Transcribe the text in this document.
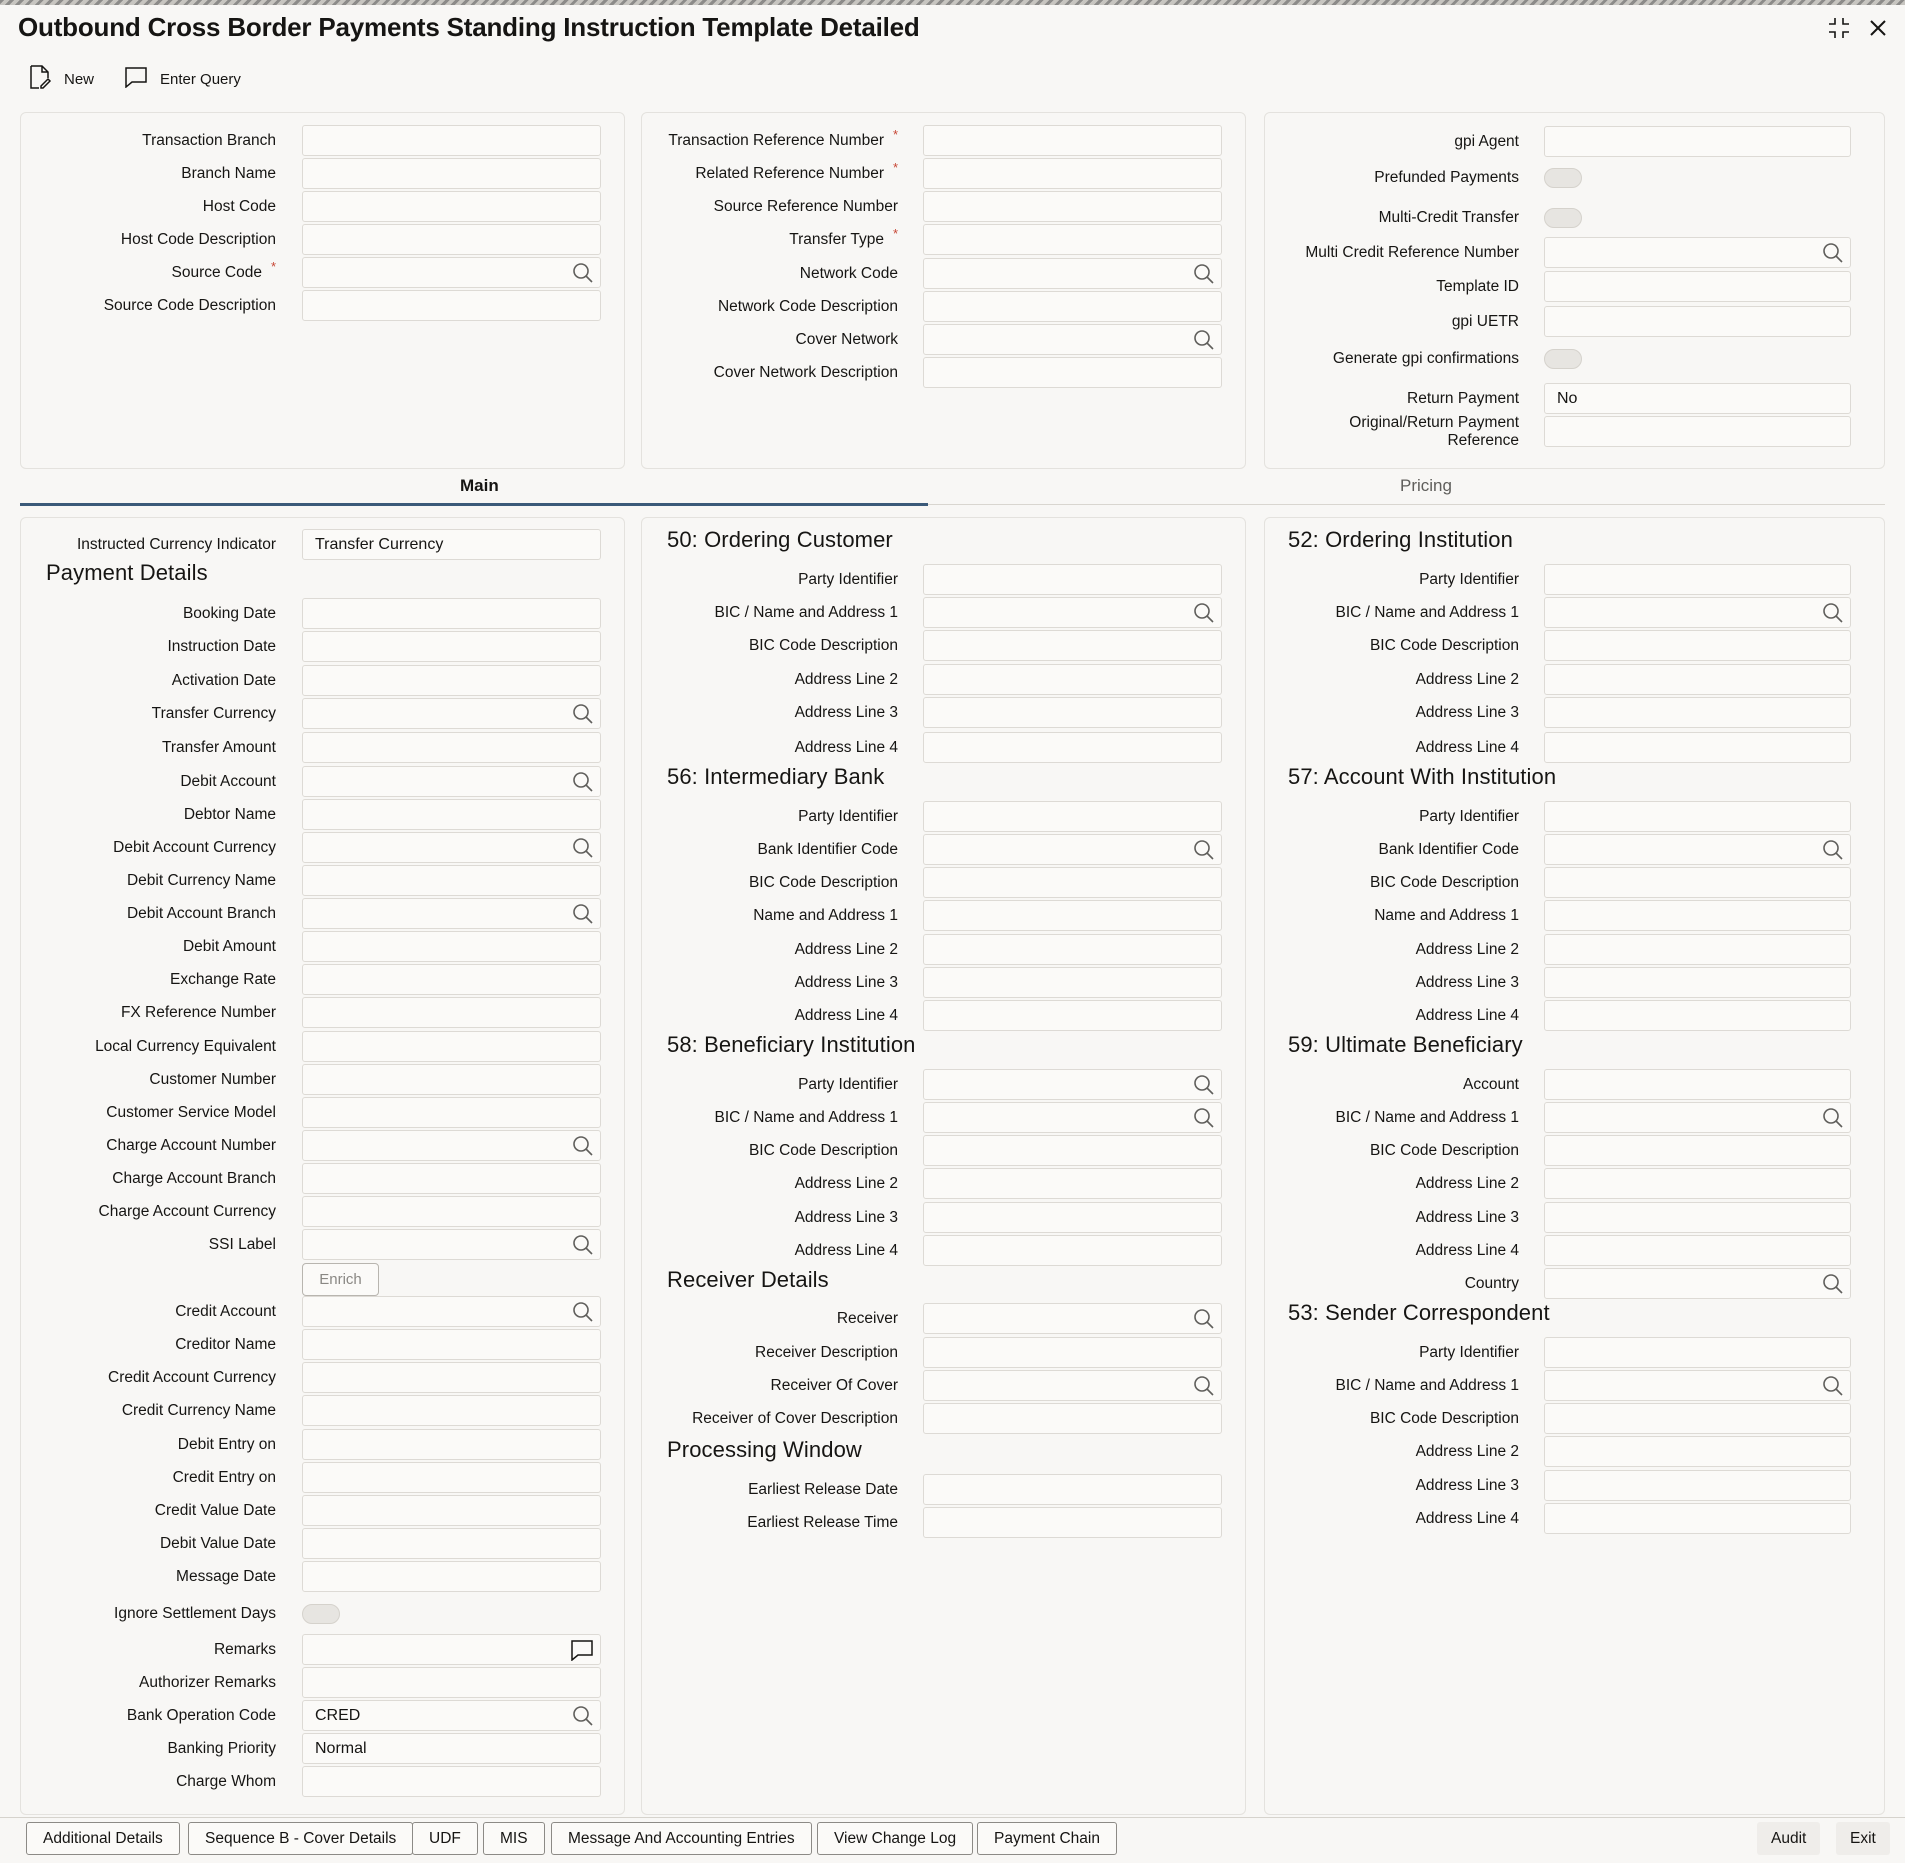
Outbound Cross Border Payments Standing Instruction Template Detailed
New	Enter Query
Main	Pricing
Payment Details
50: Ordering Customer
56: Intermediary Bank
58: Beneficiary Institution
Receiver Details
Processing Window
52: Ordering Institution
57: Account With Institution
59: Ultimate Beneficiary
53: Sender Correspondent
Transaction Branch
Branch Name
Host Code
Host Code Description
Source Code *
Source Code Description
Transaction Reference Number *
Related Reference Number *
Source Reference Number
Transfer Type *
Network Code
Network Code Description
Cover Network
Cover Network Description
gpi Agent
Prefunded Payments
Multi-Credit Transfer
Multi Credit Reference Number
Template ID
gpi UETR
Generate gpi confirmations
Return Payment	No
Original/Return Payment
Reference
Instructed Currency Indicator	Transfer Currency
Booking Date
Instruction Date
Activation Date
Transfer Currency
Transfer Amount
Debit Account
Debtor Name
Debit Account Currency
Debit Currency Name
Debit Account Branch
Debit Amount
Exchange Rate
FX Reference Number
Local Currency Equivalent
Customer Number
Customer Service Model
Charge Account Number
Charge Account Branch
Charge Account Currency
SSI Label
Credit Account
Creditor Name
Credit Account Currency
Credit Currency Name
Debit Entry on
Credit Entry on
Credit Value Date
Debit Value Date
Message Date
Ignore Settlement Days
Remarks
Authorizer Remarks
Bank Operation Code	CRED
Banking Priority	Normal
Charge Whom
Party Identifier
BIC / Name and Address 1
BIC Code Description
Address Line 2
Address Line 3
Address Line 4
Party Identifier
Bank Identifier Code
BIC Code Description
Name and Address 1
Address Line 2
Address Line 3
Address Line 4
Party Identifier
BIC / Name and Address 1
BIC Code Description
Address Line 2
Address Line 3
Address Line 4
Receiver
Receiver Description
Receiver Of Cover
Receiver of Cover Description
Earliest Release Date
Earliest Release Time
Party Identifier
BIC / Name and Address 1
BIC Code Description
Address Line 2
Address Line 3
Address Line 4
Party Identifier
Bank Identifier Code
BIC Code Description
Name and Address 1
Address Line 2
Address Line 3
Address Line 4
Account
BIC / Name and Address 1
BIC Code Description
Address Line 2
Address Line 3
Address Line 4
Country
Party Identifier
BIC / Name and Address 1
BIC Code Description
Address Line 2
Address Line 3
Address Line 4
Enrich
Additional Details	Sequence B - Cover Details	UDF	MIS	Message And Accounting Entries	View Change Log	Payment Chain	Audit	Exit
